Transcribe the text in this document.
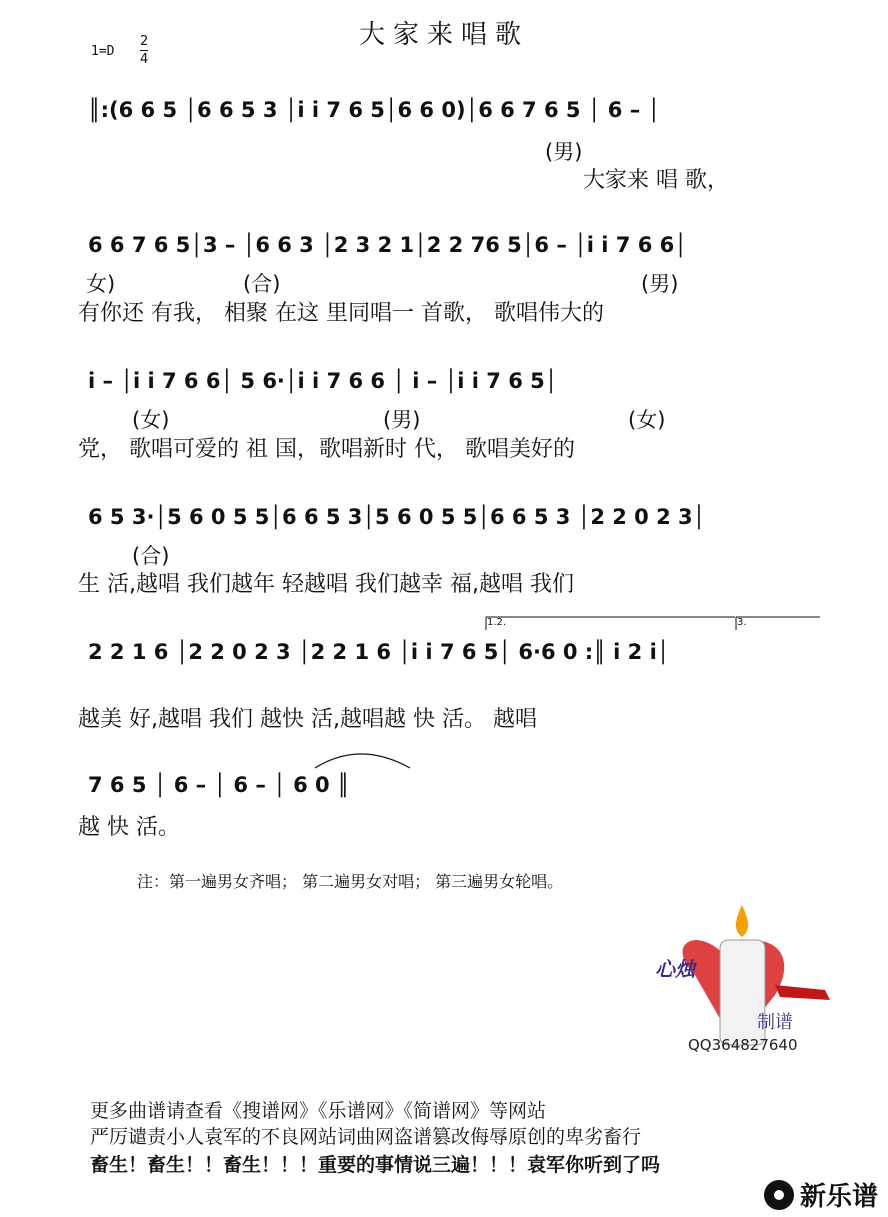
大家来唱歌
1=D
2
4
║:(6 6 5 │6 6 5 3 │i i 7 6 5│6 6 0)│6 6 7 6 5 │ 6 – │
(男)
大家来 唱 歌，
6 6 7 6 5│3 – │6 6 3 │2 3 2 1│2 2 76 5│6 – │i i 7 6 6│
女)	(合)	(男)
有你还 有我， 相聚 在这 里同唱一 首歌， 歌唱伟大的
i – │i i 7 6 6│ 5 6·│i i 7 6 6 │ i – │i i 7 6 5│
(女)	(男)	(女)
党， 歌唱可爱的 祖 国，歌唱新时 代， 歌唱美好的
6 5 3·│5 6 0 5 5│6 6 5 3│5 6 0 5 5│6 6 5 3 │2 2 0 2 3│
(合)
生 活,越唱 我们越年 轻越唱 我们越幸 福,越唱 我们
1.2.	3.
2 2 1 6 │2 2 0 2 3 │2 2 1 6 │i i 7 6 5│ 6·6 0 :║ i 2 i│
越美 好,越唱 我们 越快 活,越唱越 快 活。 越唱
7 6 5 │ 6 – │ 6 – │ 6 0 ║
越 快 活。
注：第一遍男女齐唱； 第二遍男女对唱； 第三遍男女轮唱。
心烛
制谱
QQ364827640
更多曲谱请查看《搜谱网》《乐谱网》《简谱网》等网站
严厉谴责小人袁军的不良网站词曲网盗谱篡改侮辱原创的卑劣畜行
畜生！畜生！！畜生！！！重要的事情说三遍！！！袁军你听到了吗
新乐谱
